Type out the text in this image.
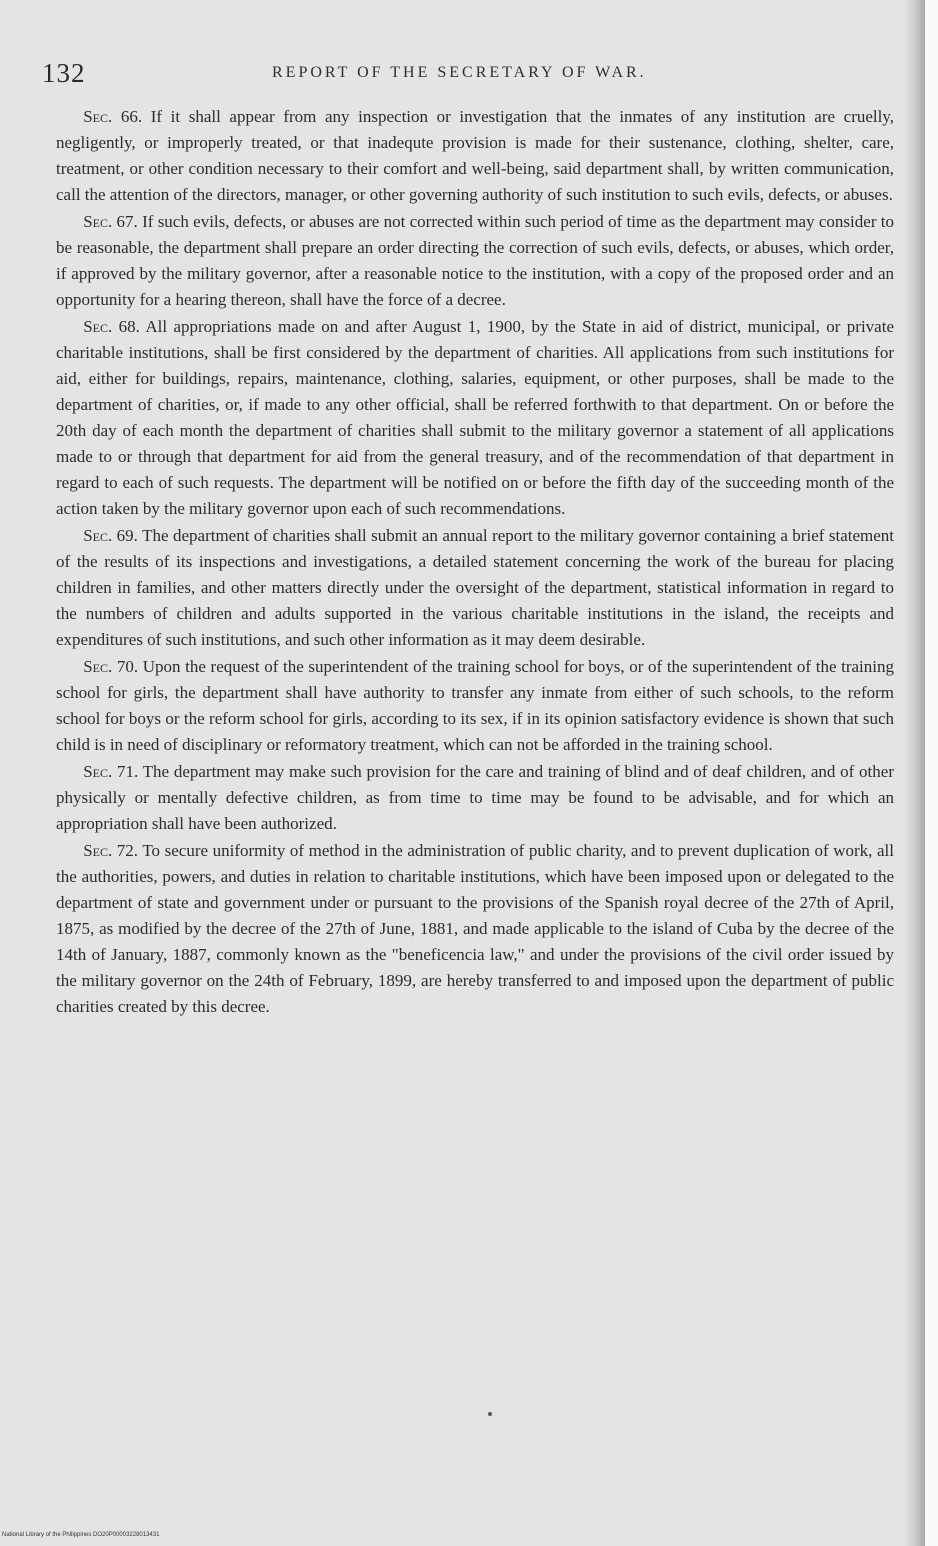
132	REPORT OF THE SECRETARY OF WAR.

Sec. 66. If it shall appear from any inspection or investigation that the inmates of any institution are cruelly, negligently, or improperly treated, or that inadequte provision is made for their sustenance, clothing, shelter, care, treatment, or other condition necessary to their comfort and well-being, said department shall, by written communication, call the attention of the directors, manager, or other governing authority of such institution to such evils, defects, or abuses.

Sec. 67. If such evils, defects, or abuses are not corrected within such period of time as the department may consider to be reasonable, the department shall prepare an order directing the correction of such evils, defects, or abuses, which order, if approved by the military governor, after a reasonable notice to the institution, with a copy of the proposed order and an opportunity for a hearing thereon, shall have the force of a decree.

Sec. 68. All appropriations made on and after August 1, 1900, by the State in aid of district, municipal, or private charitable institutions, shall be first considered by the department of charities. All applications from such institutions for aid, either for buildings, repairs, maintenance, clothing, salaries, equipment, or other purposes, shall be made to the department of charities, or, if made to any other official, shall be referred forthwith to that department. On or before the 20th day of each month the department of charities shall submit to the military governor a statement of all applications made to or through that department for aid from the general treasury, and of the recommendation of that department in regard to each of such requests. The department will be notified on or before the fifth day of the succeeding month of the action taken by the military governor upon each of such recommendations.

Sec. 69. The department of charities shall submit an annual report to the military governor containing a brief statement of the results of its inspections and investigations, a detailed statement concerning the work of the bureau for placing children in families, and other matters directly under the oversight of the department, statistical information in regard to the numbers of children and adults supported in the various charitable institutions in the island, the receipts and expenditures of such institutions, and such other information as it may deem desirable.

Sec. 70. Upon the request of the superintendent of the training school for boys, or of the superintendent of the training school for girls, the department shall have authority to transfer any inmate from either of such schools, to the reform school for boys or the reform school for girls, according to its sex, if in its opinion satisfactory evidence is shown that such child is in need of disciplinary or reformatory treatment, which can not be afforded in the training school.

Sec. 71. The department may make such provision for the care and training of blind and of deaf children, and of other physically or mentally defective children, as from time to time may be found to be advisable, and for which an appropriation shall have been authorized.

Sec. 72. To secure uniformity of method in the administration of public charity, and to prevent duplication of work, all the authorities, powers, and duties in relation to charitable institutions, which have been imposed upon or delegated to the department of state and government under or pursuant to the provisions of the Spanish royal decree of the 27th of April, 1875, as modified by the decree of the 27th of June, 1881, and made applicable to the island of Cuba by the decree of the 14th of January, 1887, commonly known as the "beneficencia law," and under the provisions of the civil order issued by the military governor on the 24th of February, 1899, are hereby transferred to and imposed upon the department of public charities created by this decree.

National Library of the Philippines DO20P00003228013431
